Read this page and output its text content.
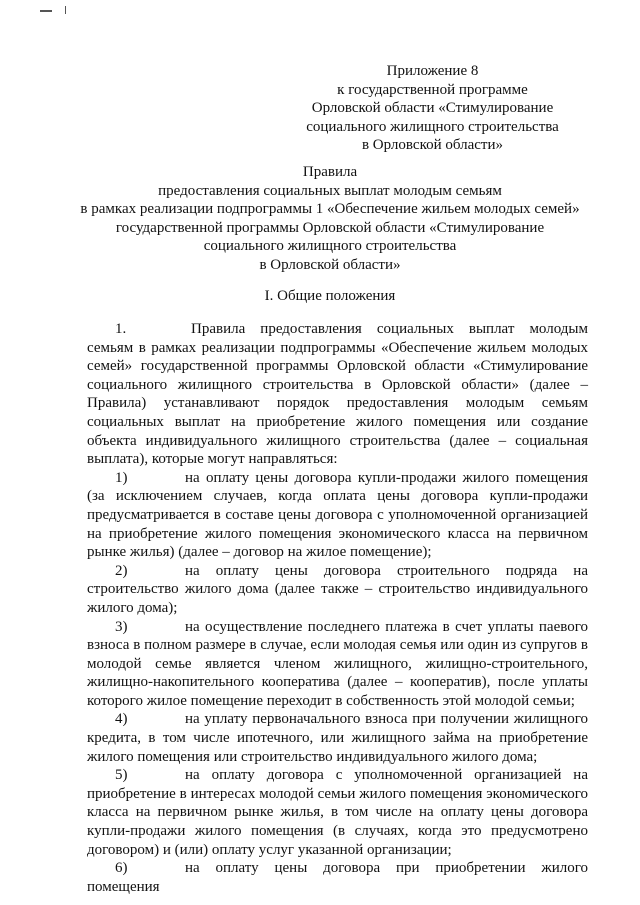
Приложение 8
к государственной программе
Орловской области «Стимулирование
социального жилищного строительства
в Орловской области»
Правила
предоставления социальных выплат молодым семьям
в рамках реализации подпрограммы 1 «Обеспечение жильем молодых семей»
государственной программы Орловской области «Стимулирование
социального жилищного строительства
в Орловской области»
I. Общие положения

1.	Правила предоставления социальных выплат молодым семьям в рамках реализации подпрограммы «Обеспечение жильем молодых семей» государственной программы Орловской области «Стимулирование социального жилищного строительства в Орловской области» (далее – Правила) устанавливают порядок предоставления молодым семьям социальных выплат на приобретение жилого помещения или создание объекта индивидуального жилищного строительства (далее – социальная выплата), которые могут направляться:

1)	на оплату цены договора купли-продажи жилого помещения (за исключением случаев, когда оплата цены договора купли-продажи предусматривается в составе цены договора с уполномоченной организацией на приобретение жилого помещения экономического класса на первичном рынке жилья) (далее – договор на жилое помещение);

2)	на оплату цены договора строительного подряда на строительство жилого дома (далее также – строительство индивидуального жилого дома);

3)	на осуществление последнего платежа в счет уплаты паевого взноса в полном размере в случае, если молодая семья или один из супругов в молодой семье является членом жилищного, жилищно-строительного, жилищно-накопительного кооператива (далее – кооператив), после уплаты которого жилое помещение переходит в собственность этой молодой семьи;

4)	на уплату первоначального взноса при получении жилищного кредита, в том числе ипотечного, или жилищного займа на приобретение жилого помещения или строительство индивидуального жилого дома;

5)	на оплату договора с уполномоченной организацией на приобретение в интересах молодой семьи жилого помещения экономического класса на первичном рынке жилья, в том числе на оплату цены договора купли-продажи жилого помещения (в случаях, когда это предусмотрено договором) и (или) оплату услуг указанной организации;

6)	на оплату цены договора при приобретении жилого помещения
